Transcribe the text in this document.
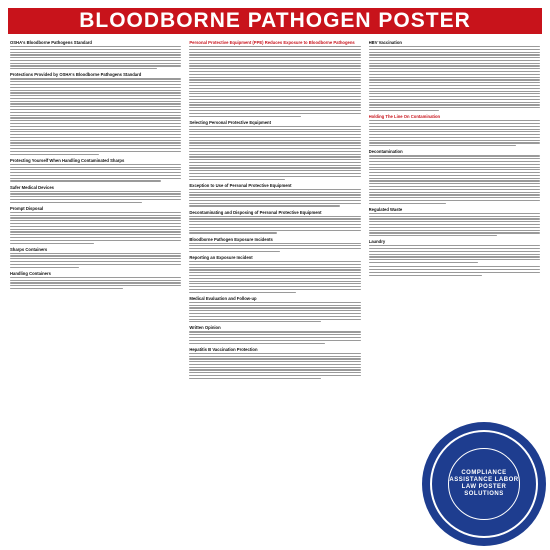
BLOODBORNE PATHOGEN POSTER
OSHA's Bloodborne Pathogens Standard
Protections Provided by OSHA's Bloodborne Pathogens Standard
Protecting Yourself When Handling Contaminated Sharps
Safer Medical Devices
Prompt Disposal
Sharps Containers
Handling Containers
Personal Protective Equipment (PPE) Reduces Exposure to Bloodborne Pathogens
Selecting Personal Protective Equipment
Exception to Use of Personal Protective Equipment
Decontaminating and Disposing of Personal Protective Equipment
Bloodborne Pathogen Exposure Incidents
Reporting an Exposure Incident
Medical Evaluation and Follow-up
Written Opinion
Hepatitis B Vaccination Protection
HBV Vaccination
Holding The Line On Contamination
Decontamination
Regulated Waste
Laundry
COMPLIANCE ASSISTANCE LABOR LAW POSTER SOLUTIONS
